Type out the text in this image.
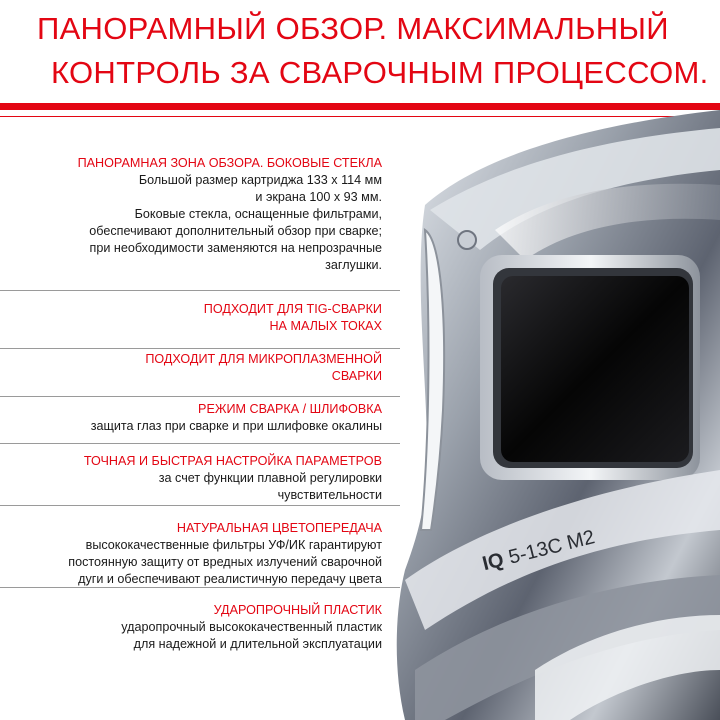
ПАНОРАМНЫЙ ОБЗОР. МАКСИМАЛЬНЫЙ
КОНТРОЛЬ ЗА СВАРОЧНЫМ ПРОЦЕССОМ.
IQ 5-13C M2
ПАНОРАМНАЯ ЗОНА ОБЗОРА. БОКОВЫЕ СТЕКЛА
Большой размер картриджа 133 х 114 мм
и экрана 100 х 93 мм.
Боковые стекла, оснащенные фильтрами,
обеспечивают дополнительный обзор при сварке;
при необходимости заменяются на непрозрачные
заглушки.
ПОДХОДИТ ДЛЯ TIG-СВАРКИ
НА МАЛЫХ ТОКАХ
ПОДХОДИТ ДЛЯ МИКРОПЛАЗМЕННОЙ
СВАРКИ
РЕЖИМ СВАРКА / ШЛИФОВКА
защита глаз при сварке и при шлифовке окалины
ТОЧНАЯ И БЫСТРАЯ НАСТРОЙКА ПАРАМЕТРОВ
за счет функции плавной регулировки
чувствительности
НАТУРАЛЬНАЯ ЦВЕТОПЕРЕДАЧА
высококачественные фильтры УФ/ИК гарантируют
постоянную защиту от вредных излучений сварочной
дуги и обеспечивают реалистичную передачу цвета
УДАРОПРОЧНЫЙ ПЛАСТИК
ударопрочный высококачественный пластик
для надежной и длительной эксплуатации
